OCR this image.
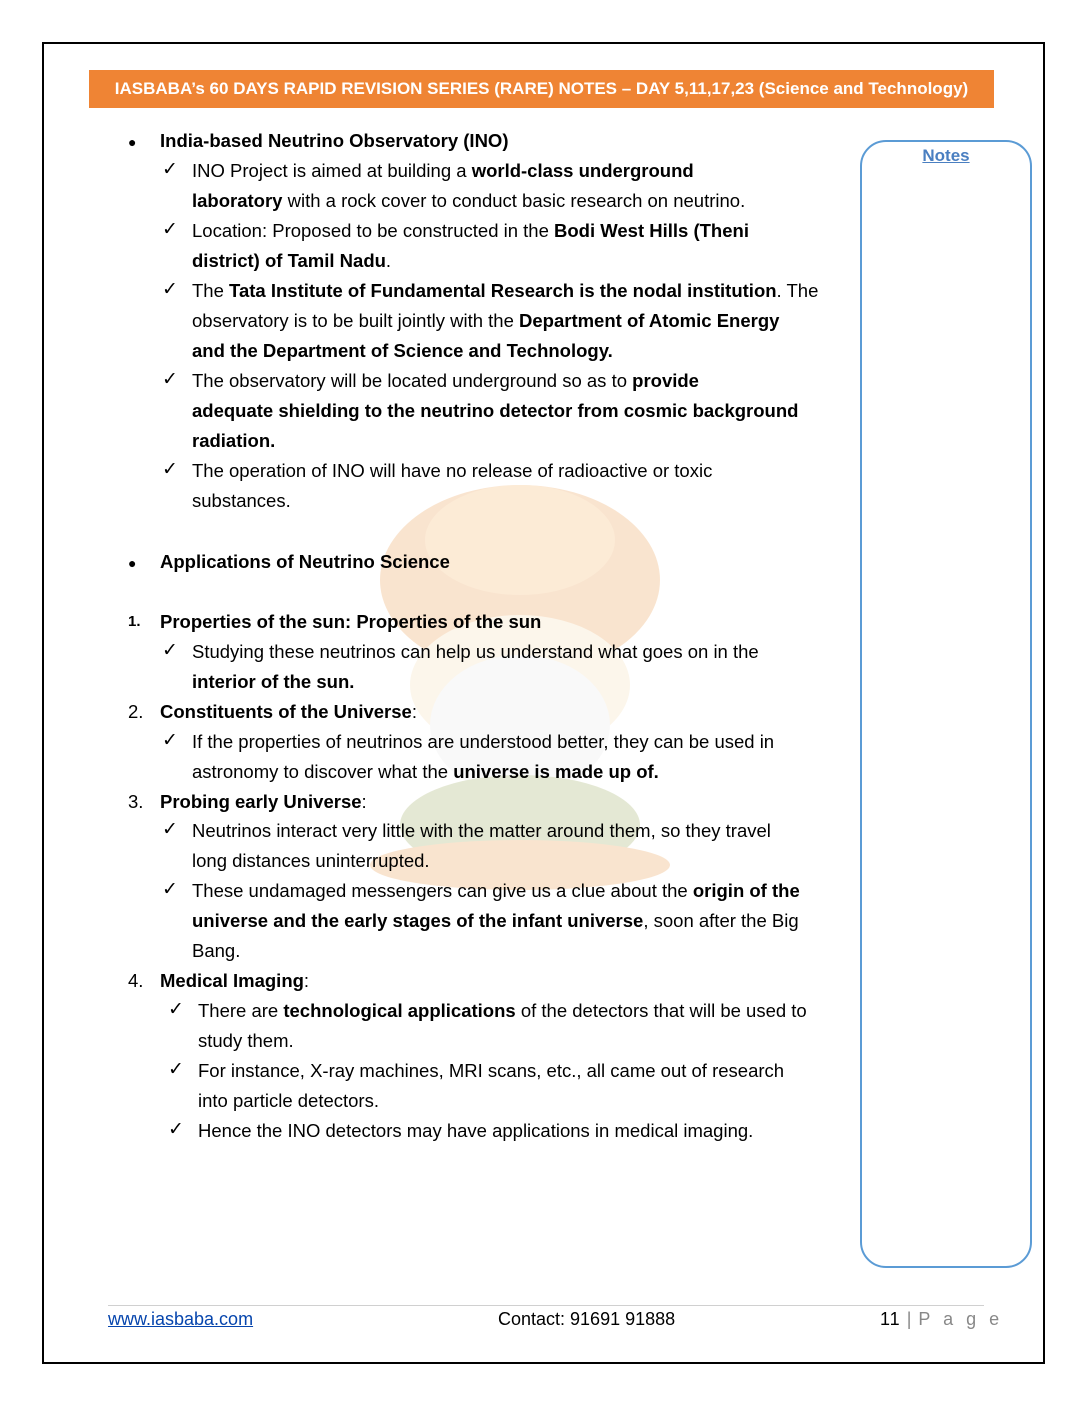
IASBABA’s 60 DAYS RAPID REVISION SERIES (RARE) NOTES – DAY 5,11,17,23 (Science and Technology)
● India-based Neutrino Observatory (INO)
✓ INO Project is aimed at building a world-class underground
laboratory with a rock cover to conduct basic research on neutrino.
✓ Location: Proposed to be constructed in the Bodi West Hills (Theni
district) of Tamil Nadu.
✓ The Tata Institute of Fundamental Research is the nodal institution. The
observatory is to be built jointly with the Department of Atomic Energy
and the Department of Science and Technology.
✓ The observatory will be located underground so as to provide
adequate shielding to the neutrino detector from cosmic background
radiation.
✓ The operation of INO will have no release of radioactive or toxic
substances.
● Applications of Neutrino Science
1. Properties of the sun: Properties of the sun
✓ Studying these neutrinos can help us understand what goes on in the
interior of the sun.
2. Constituents of the Universe:
✓ If the properties of neutrinos are understood better, they can be used in
astronomy to discover what the universe is made up of.
3. Probing early Universe:
✓ Neutrinos interact very little with the matter around them, so they travel
long distances uninterrupted.
✓ These undamaged messengers can give us a clue about the origin of the
universe and the early stages of the infant universe, soon after the Big
Bang.
4. Medical Imaging:
✓ There are technological applications of the detectors that will be used to
study them.
✓ For instance, X-ray machines, MRI scans, etc., all came out of research
into particle detectors.
✓ Hence the INO detectors may have applications in medical imaging.
Notes
www.iasbaba.com	Contact: 91691 91888	11 | P a g e
